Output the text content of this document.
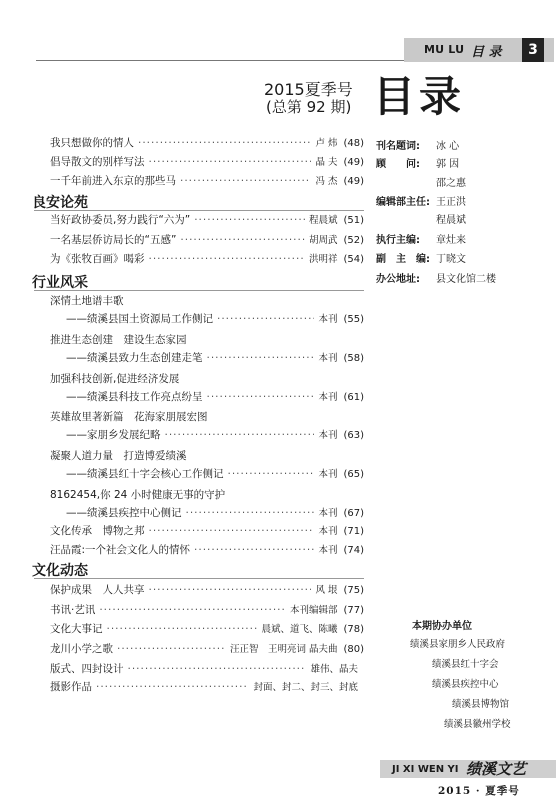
MU LU 目 录	3
2015夏季号
(总第 92 期) 目录
我只想做你的情人 ·····	卢 炜 (48)
倡导散文的别样写法 ·····	晶 夫 (49)
一千年前进入东京的那些马 ·····	冯 杰 (49)
良安论苑
当好政协委员,努力践行“六为” ·····	程晨斌 (51)
一名基层侨访局长的“五感” ·····	胡周武 (52)
为《张牧百画》喝彩 ·····	洪明祥 (54)
行业风采
深情土地谱丰歌
——绩溪县国土资源局工作侧记 ·····	本刊 (55)
推进生态创建　建设生态家园
——绩溪县致力生态创建走笔 ·····	本刊 (58)
加强科技创新,促进经济发展
——绩溪县科技工作亮点纷呈 ·····	本刊 (61)
英雄故里著新篇　花海家朋展宏图
——家朋乡发展纪略 ·····	本刊 (63)
凝聚人道力量　打造博爱绩溪
——绩溪县红十字会核心工作侧记 ·····	本刊 (65)
8162454,你 24 小时健康无事的守护
——绩溪县疾控中心侧记 ·····	本刊 (67)
文化传承　博物之邦 ·····	本刊 (71)
汪品霞:一个社会文化人的情怀 ·····	本刊 (74)
文化动态
保护成果　人人共享 ·····	风 垠 (75)
书讯·艺讯 ·····	本刊编辑部 (77)
文化大事记 ·····	晨斌、道飞、陈曦 (78)
龙川小学之歌 ·····	汪正智　王明亮词 晶夫曲 (80)
版式、四封设计 ·····	雄伟、晶夫
摄影作品 ·····	封面、封二、封三、封底
刊名题词: 冰 心
顾　　问: 郭 因
邵之惠
编辑部主任: 王正洪
程晨斌
执行主编: 章灶来
副　主　编: 丁晓文
办公地址: 县文化馆二楼
本期协办单位
绩溪县家朋乡人民政府
绩溪县红十字会
绩溪县疾控中心
绩溪县博物馆
绩溪县徽州学校
JI XI WEN YI 绩溪文艺
2015 · 夏季号
